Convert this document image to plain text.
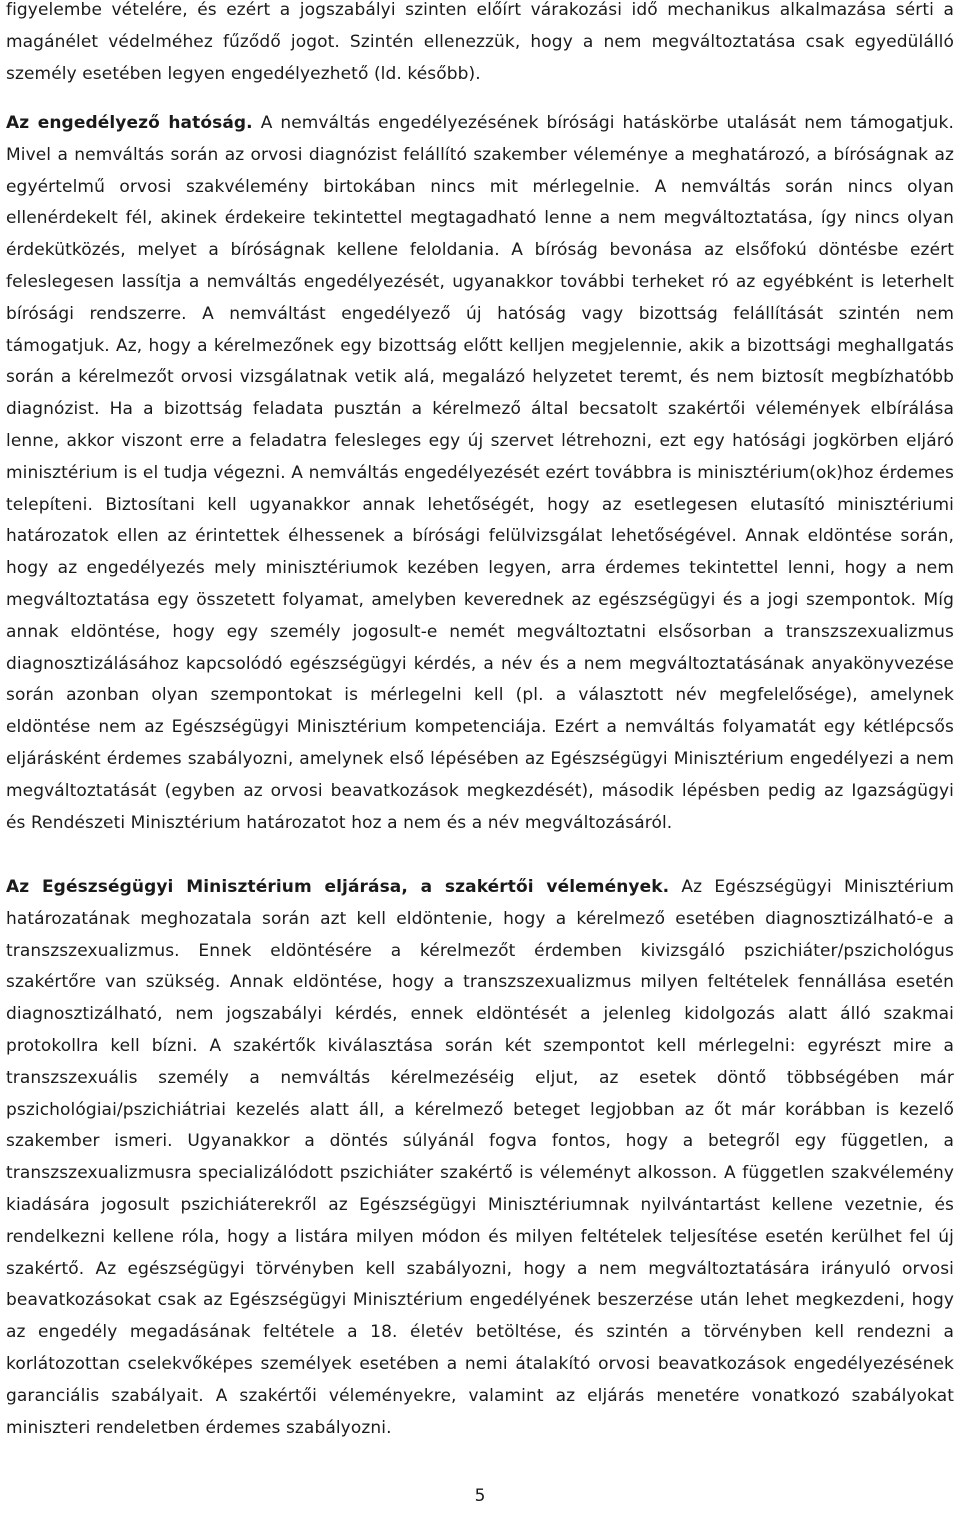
figyelembe vételére, és ezért a jogszabályi szinten előírt várakozási idő mechanikus alkalmazása sérti a magánélet védelméhez fűződő jogot. Szintén ellenezzük, hogy a nem megváltoztatása csak egyedülálló személy esetében legyen engedélyezhető (ld. később).

Az engedélyező hatóság. A nemváltás engedélyezésének bírósági hatáskörbe utalását nem támogatjuk. Mivel a nemváltás során az orvosi diagnózist felállító szakember véleménye a meghatározó, a bíróságnak az egyértelmű orvosi szakvélemény birtokában nincs mit mérlegelnie. A nemváltás során nincs olyan ellenérdekelt fél, akinek érdekeire tekintettel megtagadható lenne a nem megváltoztatása, így nincs olyan érdekütközés, melyet a bíróságnak kellene feloldania. A bíróság bevonása az elsőfokú döntésbe ezért feleslegesen lassítja a nemváltás engedélyezését, ugyanakkor további terheket ró az egyébként is leterhelt bírósági rendszerre. A nemváltást engedélyező új hatóság vagy bizottság felállítását szintén nem támogatjuk. Az, hogy a kérelmezőnek egy bizottság előtt kelljen megjelennie, akik a bizottsági meghallgatás során a kérelmezőt orvosi vizsgálatnak vetik alá, megalázó helyzetet teremt, és nem biztosít megbízhatóbb diagnózist. Ha a bizottság feladata pusztán a kérelmező által becsatolt szakértői vélemények elbírálása lenne, akkor viszont erre a feladatra felesleges egy új szervet létrehozni, ezt egy hatósági jogkörben eljáró minisztérium is el tudja végezni. A nemváltás engedélyezését ezért továbbra is minisztérium(ok)hoz érdemes telepíteni. Biztosítani kell ugyanakkor annak lehetőségét, hogy az esetlegesen elutasító minisztériumi határozatok ellen az érintettek élhessenek a bírósági felülvizsgálat lehetőségével. Annak eldöntése során, hogy az engedélyezés mely minisztériumok kezében legyen, arra érdemes tekintettel lenni, hogy a nem megváltoztatása egy összetett folyamat, amelyben keverednek az egészségügyi és a jogi szempontok. Míg annak eldöntése, hogy egy személy jogosult-e nemét megváltoztatni elsősorban a transzszexualizmus diagnosztizálásához kapcsolódó egészségügyi kérdés, a név és a nem megváltoztatásának anyakönyvezése során azonban olyan szempontokat is mérlegelni kell (pl. a választott név megfelelősége), amelynek eldöntése nem az Egészségügyi Minisztérium kompetenciája. Ezért a nemváltás folyamatát egy kétlépcsős eljárásként érdemes szabályozni, amelynek első lépésében az Egészségügyi Minisztérium engedélyezi a nem megváltoztatását (egyben az orvosi beavatkozások megkezdését), második lépésben pedig az Igazságügyi és Rendészeti Minisztérium határozatot hoz a nem és a név megváltozásáról.

Az Egészségügyi Minisztérium eljárása, a szakértői vélemények. Az Egészségügyi Minisztérium határozatának meghozatala során azt kell eldöntenie, hogy a kérelmező esetében diagnosztizálható-e a transzszexualizmus. Ennek eldöntésére a kérelmezőt érdemben kivizsgáló pszichiáter/pszichológus szakértőre van szükség. Annak eldöntése, hogy a transzszexualizmus milyen feltételek fennállása esetén diagnosztizálható, nem jogszabályi kérdés, ennek eldöntését a jelenleg kidolgozás alatt álló szakmai protokollra kell bízni. A szakértők kiválasztása során két szempontot kell mérlegelni: egyrészt mire a transzszexuális személy a nemváltás kérelmezéséig eljut, az esetek döntő többségében már pszichológiai/pszichiátriai kezelés alatt áll, a kérelmező beteget legjobban az őt már korábban is kezelő szakember ismeri. Ugyanakkor a döntés súlyánál fogva fontos, hogy a betegről egy független, a transzszexualizmusra specializálódott pszichiáter szakértő is véleményt alkosson. A független szakvélemény kiadására jogosult pszichiáterekről az Egészségügyi Minisztériumnak nyilvántartást kellene vezetnie, és rendelkezni kellene róla, hogy a listára milyen módon és milyen feltételek teljesítése esetén kerülhet fel új szakértő. Az egészségügyi törvényben kell szabályozni, hogy a nem megváltoztatására irányuló orvosi beavatkozásokat csak az Egészségügyi Minisztérium engedélyének beszerzése után lehet megkezdeni, hogy az engedély megadásának feltétele a 18. életév betöltése, és szintén a törvényben kell rendezni a korlátozottan cselekvőképes személyek esetében a nemi átalakító orvosi beavatkozások engedélyezésének garanciális szabályait. A szakértői véleményekre, valamint az eljárás menetére vonatkozó szabályokat miniszteri rendeletben érdemes szabályozni.

5
